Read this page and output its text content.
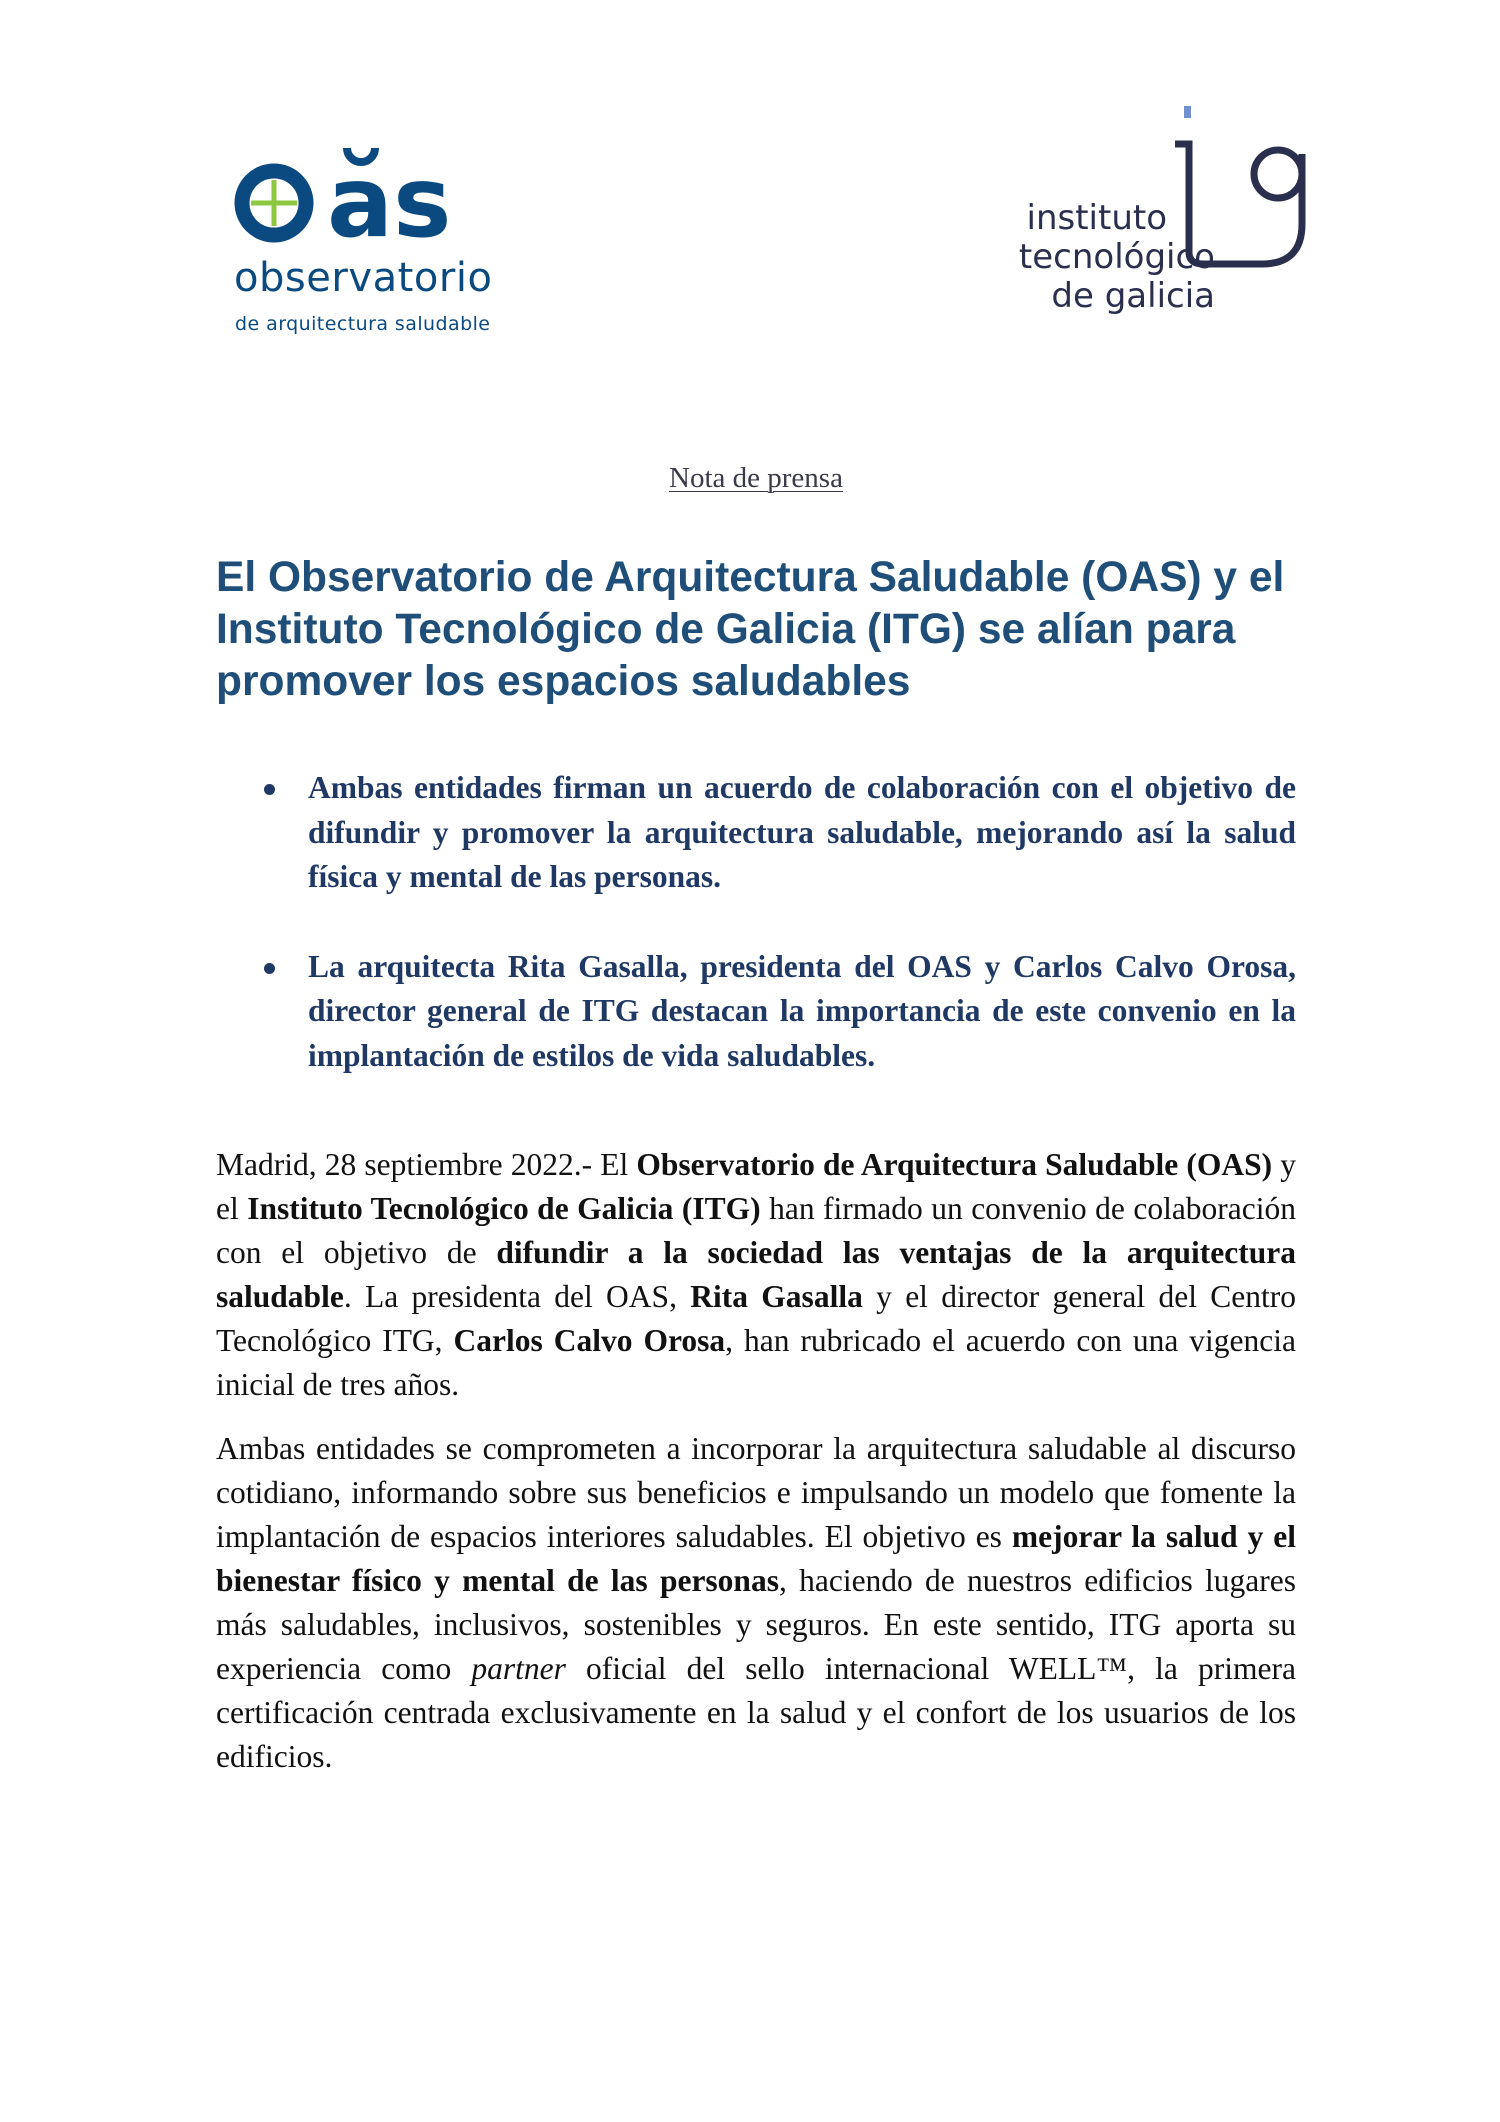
as
observatorio
de arquitectura saludable
instituto
tecnológico
de galicia
Nota de prensa
El Observatorio de Arquitectura Saludable (OAS) y el Instituto Tecnológico de Galicia (ITG) se alían para promover los espacios saludables
Ambas entidades firman un acuerdo de colaboración con el objetivo de difundir y promover la arquitectura saludable, mejorando así la salud física y mental de las personas.
La arquitecta Rita Gasalla, presidenta del OAS y Carlos Calvo Orosa, director general de ITG destacan la importancia de este convenio en la implantación de estilos de vida saludables.

Madrid, 28 septiembre 2022.- El Observatorio de Arquitectura Saludable (OAS) y el Instituto Tecnológico de Galicia (ITG) han firmado un convenio de colaboración con el objetivo de difundir a la sociedad las ventajas de la arquitectura saludable. La presidenta del OAS, Rita Gasalla y el director general del Centro Tecnológico ITG, Carlos Calvo Orosa, han rubricado el acuerdo con una vigencia inicial de tres años.

Ambas entidades se comprometen a incorporar la arquitectura saludable al discurso cotidiano, informando sobre sus beneficios e impulsando un modelo que fomente la implantación de espacios interiores saludables. El objetivo es mejorar la salud y el bienestar físico y mental de las personas, haciendo de nuestros edificios lugares más saludables, inclusivos, sostenibles y seguros. En este sentido, ITG aporta su experiencia como partner oficial del sello internacional WELL™, la primera certificación centrada exclusivamente en la salud y el confort de los usuarios de los edificios.
